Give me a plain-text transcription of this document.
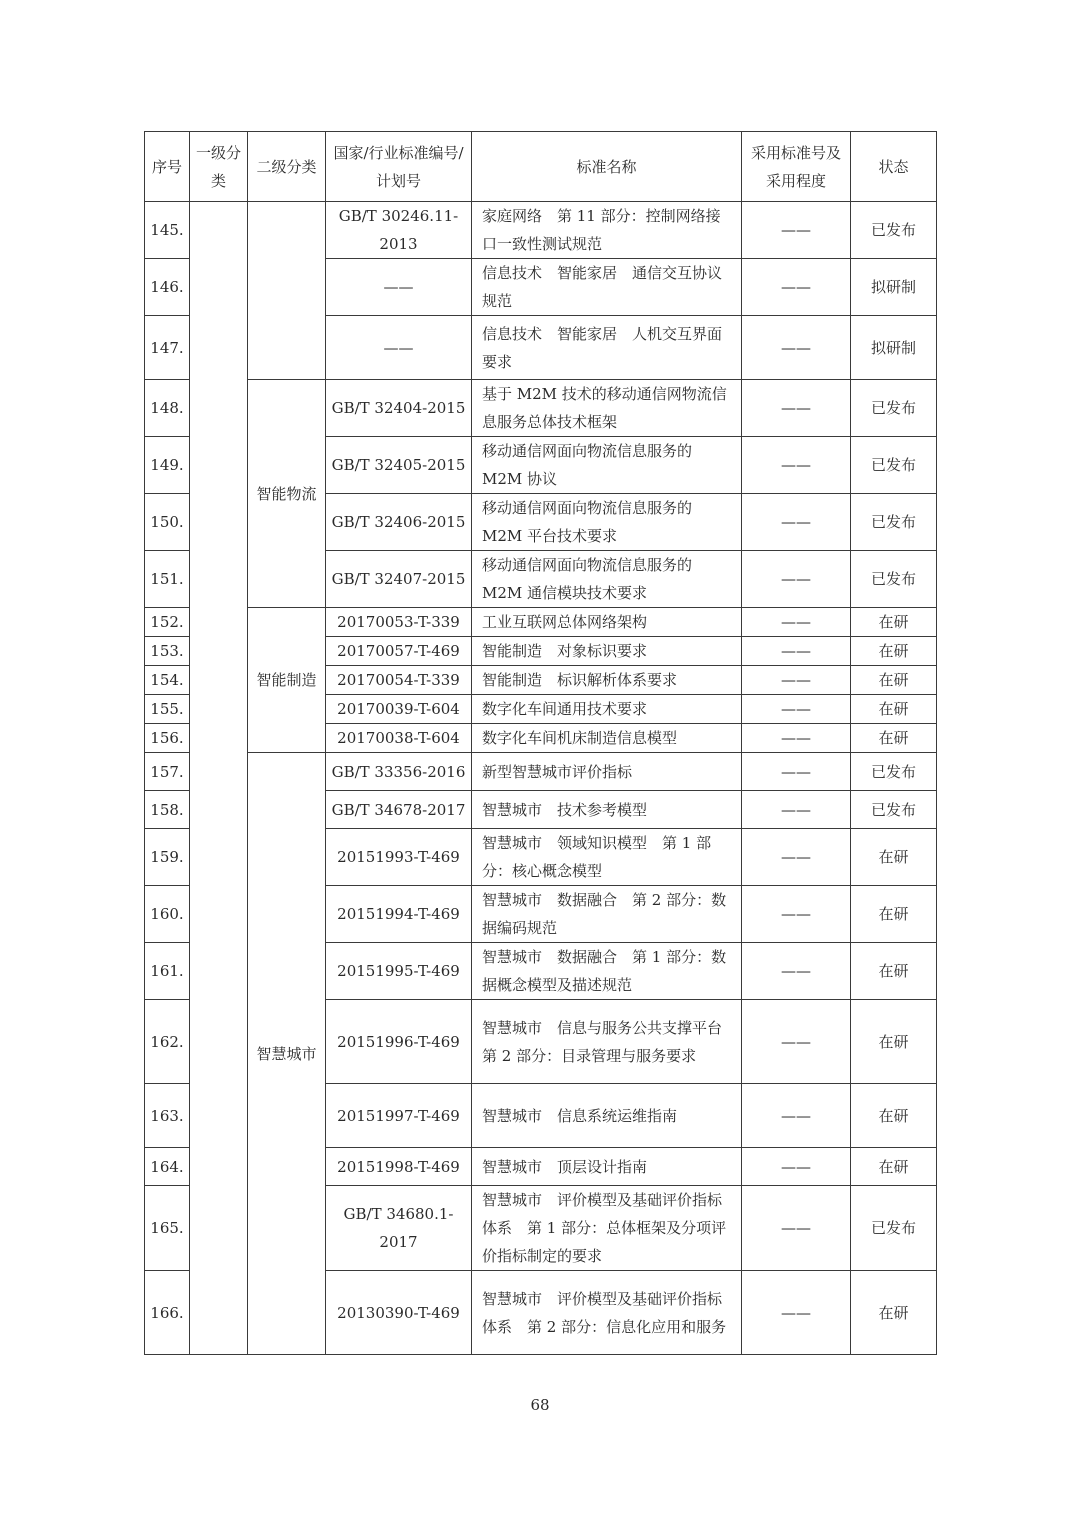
序号	一级分类	二级分类	国家/行业标准编号/计划号	标准名称	采用标准号及采用程度	状态
145.			GB/T 30246.11-2013	家庭网络　第 11 部分：控制网络接口一致性测试规范	——	已发布
146.			——	信息技术　智能家居　通信交互协议规范	——	拟研制
147.			——	信息技术　智能家居　人机交互界面要求	——	拟研制
148.		智能物流	GB/T 32404-2015	基于 M2M 技术的移动通信网物流信息服务总体技术框架	——	已发布
149.			GB/T 32405-2015	移动通信网面向物流信息服务的 M2M 协议	——	已发布
150.			GB/T 32406-2015	移动通信网面向物流信息服务的 M2M 平台技术要求	——	已发布
151.			GB/T 32407-2015	移动通信网面向物流信息服务的 M2M 通信模块技术要求	——	已发布
152.		智能制造	20170053-T-339	工业互联网总体网络架构	——	在研
153.			20170057-T-469	智能制造　对象标识要求	——	在研
154.			20170054-T-339	智能制造　标识解析体系要求	——	在研
155.			20170039-T-604	数字化车间通用技术要求	——	在研
156.			20170038-T-604	数字化车间机床制造信息模型	——	在研
157.		智慧城市	GB/T 33356-2016	新型智慧城市评价指标	——	已发布
158.			GB/T 34678-2017	智慧城市　技术参考模型	——	已发布
159.			20151993-T-469	智慧城市　领域知识模型　第 1 部分：核心概念模型	——	在研
160.			20151994-T-469	智慧城市　数据融合　第 2 部分：数据编码规范	——	在研
161.			20151995-T-469	智慧城市　数据融合　第 1 部分：数据概念模型及描述规范	——	在研
162.			20151996-T-469	智慧城市　信息与服务公共支撑平台　第 2 部分：目录管理与服务要求	——	在研
163.			20151997-T-469	智慧城市　信息系统运维指南	——	在研
164.			20151998-T-469	智慧城市　顶层设计指南	——	在研
165.			GB/T 34680.1-2017	智慧城市　评价模型及基础评价指标体系　第 1 部分：总体框架及分项评价指标制定的要求	——	已发布
166.			20130390-T-469	智慧城市　评价模型及基础评价指标体系　第 2 部分：信息化应用和服务	——	在研
68
